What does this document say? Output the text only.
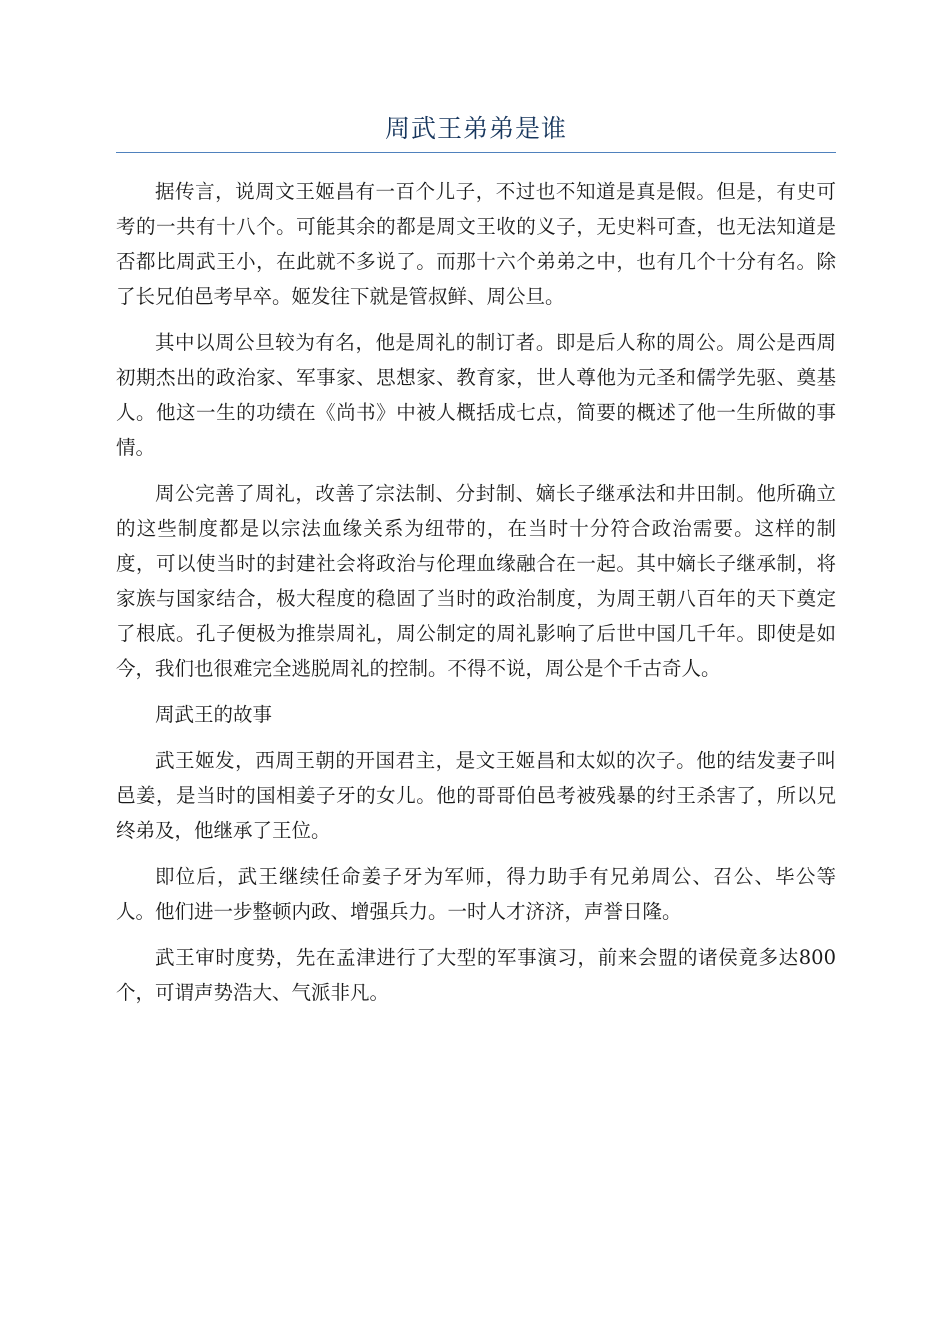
周武王弟弟是谁

据传言，说周文王姬昌有一百个儿子，不过也不知道是真是假。但是，有史可考的一共有十八个。可能其余的都是周文王收的义子，无史料可查，也无法知道是否都比周武王小，在此就不多说了。而那十六个弟弟之中，也有几个十分有名。除了长兄伯邑考早卒。姬发往下就是管叔鲜、周公旦。

其中以周公旦较为有名，他是周礼的制订者。即是后人称的周公。周公是西周初期杰出的政治家、军事家、思想家、教育家，世人尊他为元圣和儒学先驱、奠基人。他这一生的功绩在《尚书》中被人概括成七点，简要的概述了他一生所做的事情。

周公完善了周礼，改善了宗法制、分封制、嫡长子继承法和井田制。他所确立的这些制度都是以宗法血缘关系为纽带的，在当时十分符合政治需要。这样的制度，可以使当时的封建社会将政治与伦理血缘融合在一起。其中嫡长子继承制，将家族与国家结合，极大程度的稳固了当时的政治制度，为周王朝八百年的天下奠定了根底。孔子便极为推崇周礼，周公制定的周礼影响了后世中国几千年。即使是如今，我们也很难完全逃脱周礼的控制。不得不说，周公是个千古奇人。

周武王的故事

武王姬发，西周王朝的开国君主，是文王姬昌和太姒的次子。他的结发妻子叫邑姜，是当时的国相姜子牙的女儿。他的哥哥伯邑考被残暴的纣王杀害了，所以兄终弟及，他继承了王位。

即位后，武王继续任命姜子牙为军师，得力助手有兄弟周公、召公、毕公等人。他们进一步整顿内政、增强兵力。一时人才济济，声誉日隆。

武王审时度势，先在孟津进行了大型的军事演习，前来会盟的诸侯竟多达800个，可谓声势浩大、气派非凡。
